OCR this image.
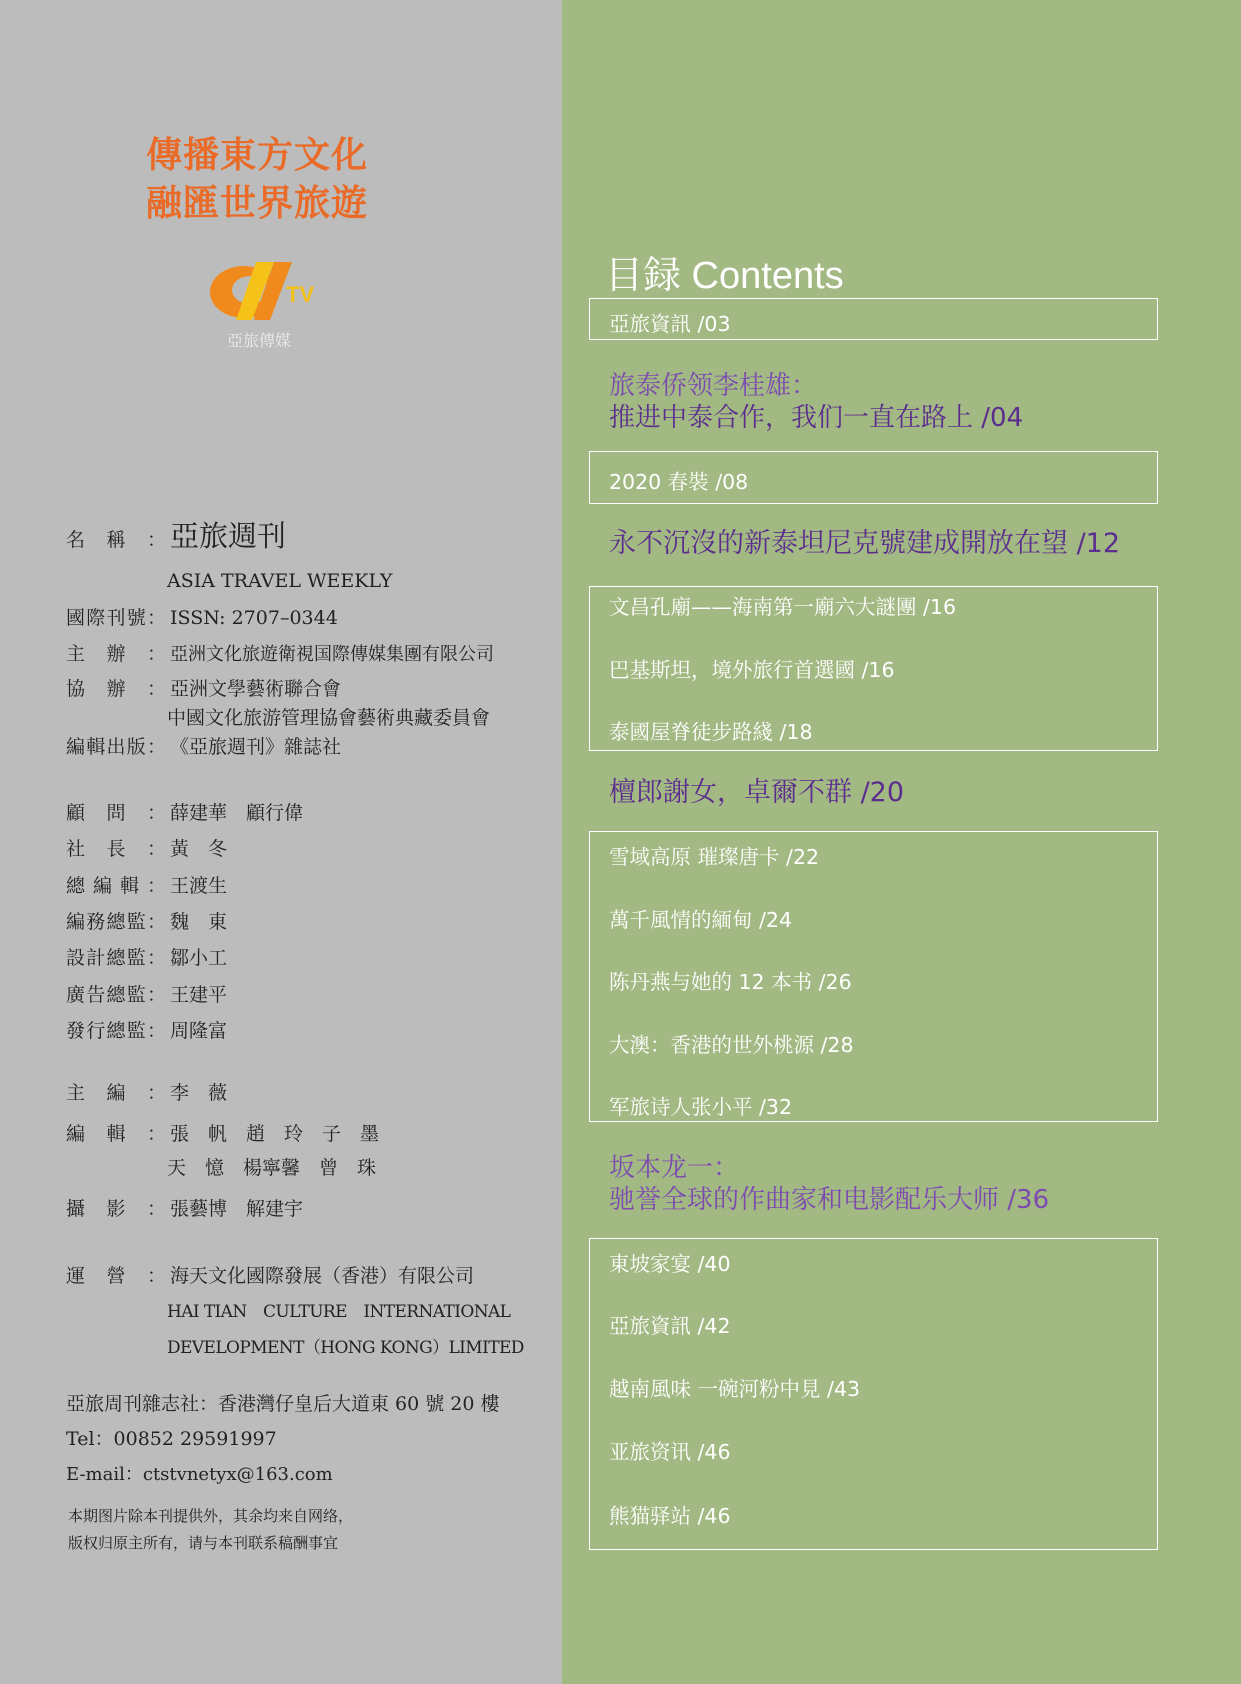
傳播東方文化
融匯世界旅遊
TV
亞旅傳媒
名稱： 亞旅週刊
ASIA TRAVEL WEEKLY
國際刊號： ISSN: 2707–0344
主辦： 亞洲文化旅遊衛視国際傳媒集團有限公司
協辦： 亞洲文學藝術聯合會
中國文化旅游管理協會藝術典藏委員會
編輯出版： 《亞旅週刊》雜誌社
顧問： 薛建華　顧行偉
社長： 黃　冬
總編輯： 王渡生
編務總監： 魏　東
設計總監： 鄒小工
廣告總監： 王建平
發行總監： 周隆富
主編： 李　薇
編輯： 張　帆　趙　玲　子　墨
天　憶　楊寧馨　曾　珠
攝影： 張藝博　解建宇
運營： 海天文化國際發展（香港）有限公司
HAI TIAN　CULTURE　INTERNATIONAL
DEVELOPMENT（HONG KONG）LIMITED
亞旅周刊雜志社：香港灣仔皇后大道東 60 號 20 樓
Tel：00852 29591997
E-mail：ctstvnetyx@163.com
本期图片除本刊提供外，其余均来自网络，
版权归原主所有，请与本刊联系稿酬事宜
目録 Contents
亞旅資訊 /03
旅泰侨领李桂雄：
推进中泰合作，我们一直在路上 /04
2020 春裝 /08
永不沉沒的新泰坦尼克號建成開放在望 /12
文昌孔廟——海南第一廟六大謎團 /16
巴基斯坦，境外旅行首選國 /16
泰國屋脊徒步路綫 /18
檀郎謝女，卓爾不群 /20
雪域高原 璀璨唐卡 /22
萬千風情的緬甸 /24
陈丹燕与她的 12 本书 /26
大澳：香港的世外桃源 /28
军旅诗人张小平 /32
坂本龙一：
驰誉全球的作曲家和电影配乐大师 /36
東坡家宴 /40
亞旅資訊 /42
越南風味 一碗河粉中見 /43
亚旅资讯 /46
熊猫驿站 /46
